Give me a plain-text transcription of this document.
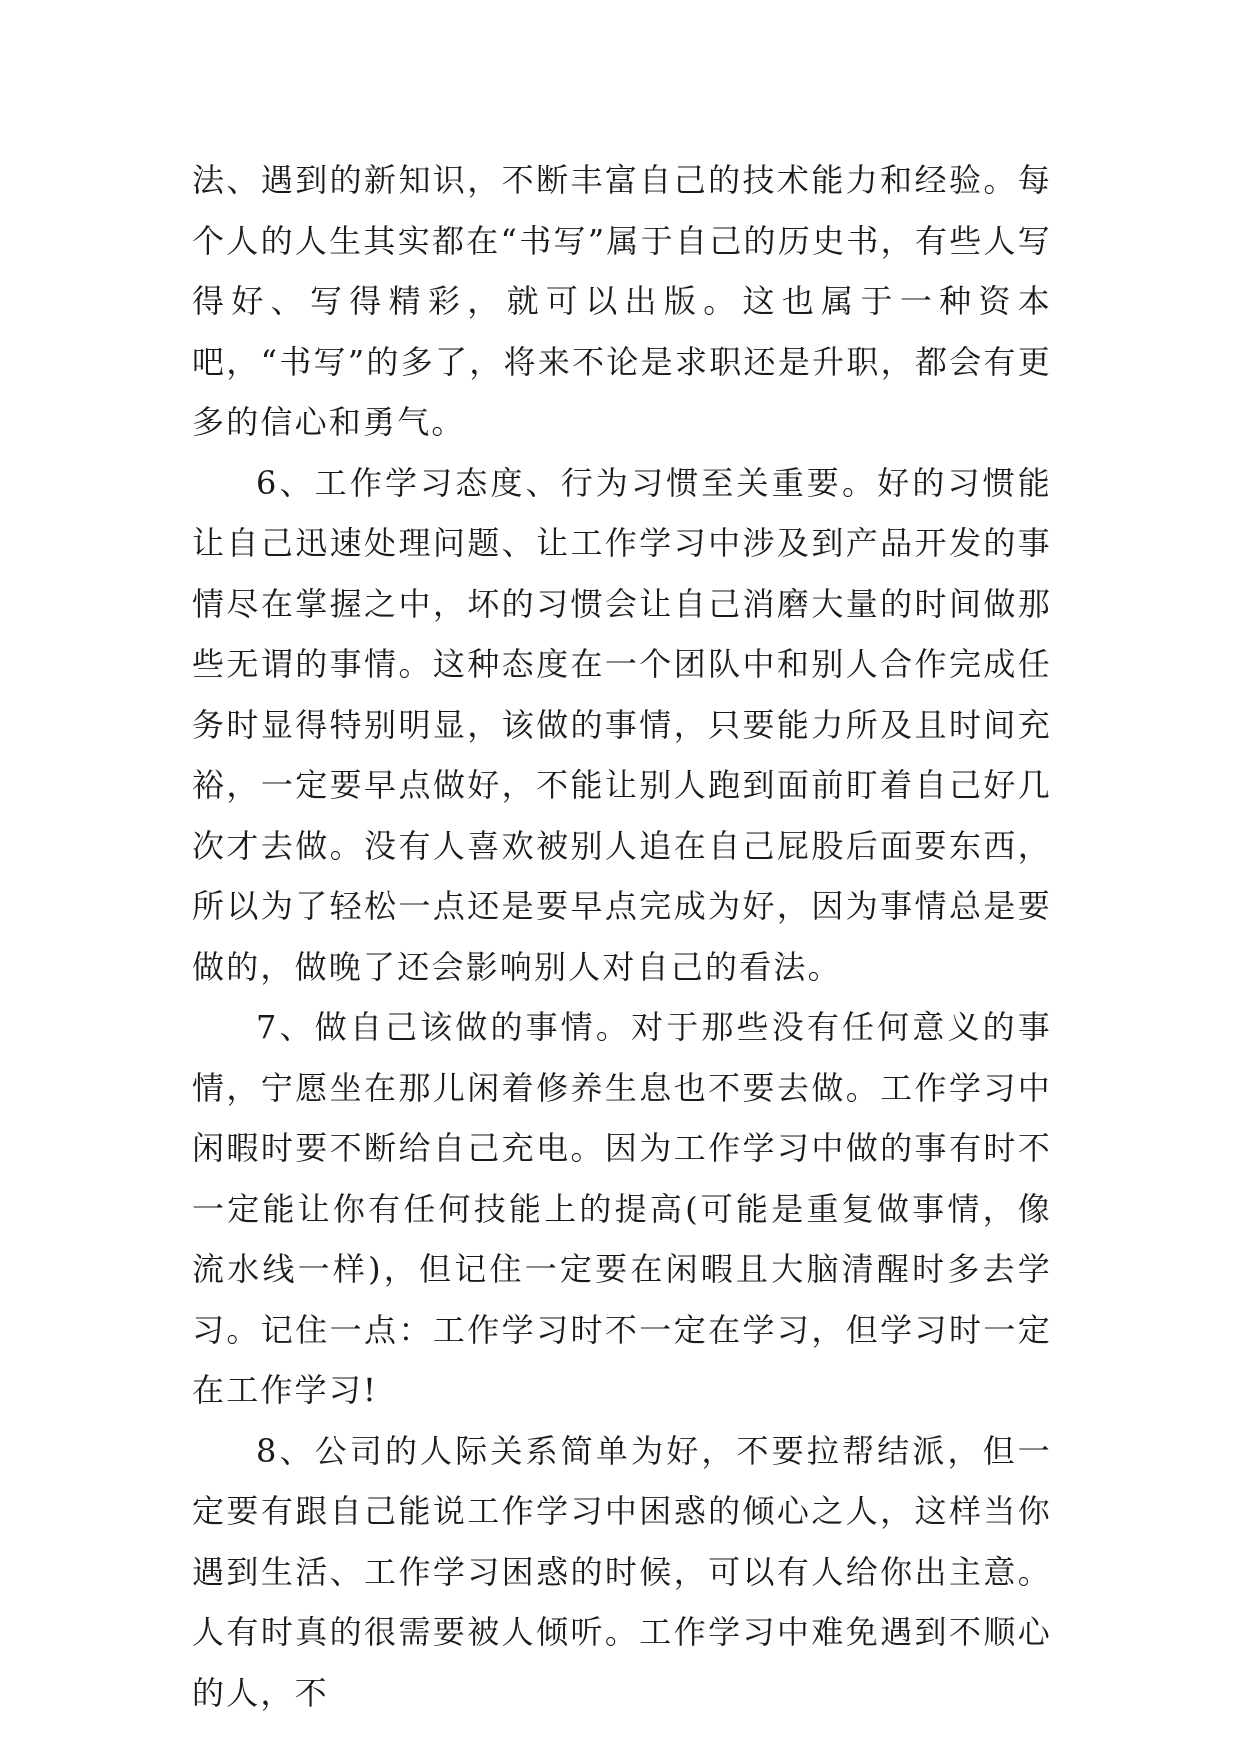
法、遇到的新知识，不断丰富自己的技术能力和经验。每个人的人生其实都在“书写”属于自己的历史书，有些人写得好、写得精彩，就可以出版。这也属于一种资本吧，“书写”的多了，将来不论是求职还是升职，都会有更多的信心和勇气。

6、工作学习态度、行为习惯至关重要。好的习惯能让自己迅速处理问题、让工作学习中涉及到产品开发的事情尽在掌握之中，坏的习惯会让自己消磨大量的时间做那些无谓的事情。这种态度在一个团队中和别人合作完成任务时显得特别明显，该做的事情，只要能力所及且时间充裕，一定要早点做好，不能让别人跑到面前盯着自己好几次才去做。没有人喜欢被别人追在自己屁股后面要东西，所以为了轻松一点还是要早点完成为好，因为事情总是要做的，做晚了还会影响别人对自己的看法。

7、做自己该做的事情。对于那些没有任何意义的事情，宁愿坐在那儿闲着修养生息也不要去做。工作学习中闲暇时要不断给自己充电。因为工作学习中做的事有时不一定能让你有任何技能上的提高(可能是重复做事情，像流水线一样)，但记住一定要在闲暇且大脑清醒时多去学习。记住一点：工作学习时不一定在学习，但学习时一定在工作学习!

8、公司的人际关系简单为好，不要拉帮结派，但一定要有跟自己能说工作学习中困惑的倾心之人，这样当你遇到生活、工作学习困惑的时候，可以有人给你出主意。人有时真的很需要被人倾听。工作学习中难免遇到不顺心的人，不
